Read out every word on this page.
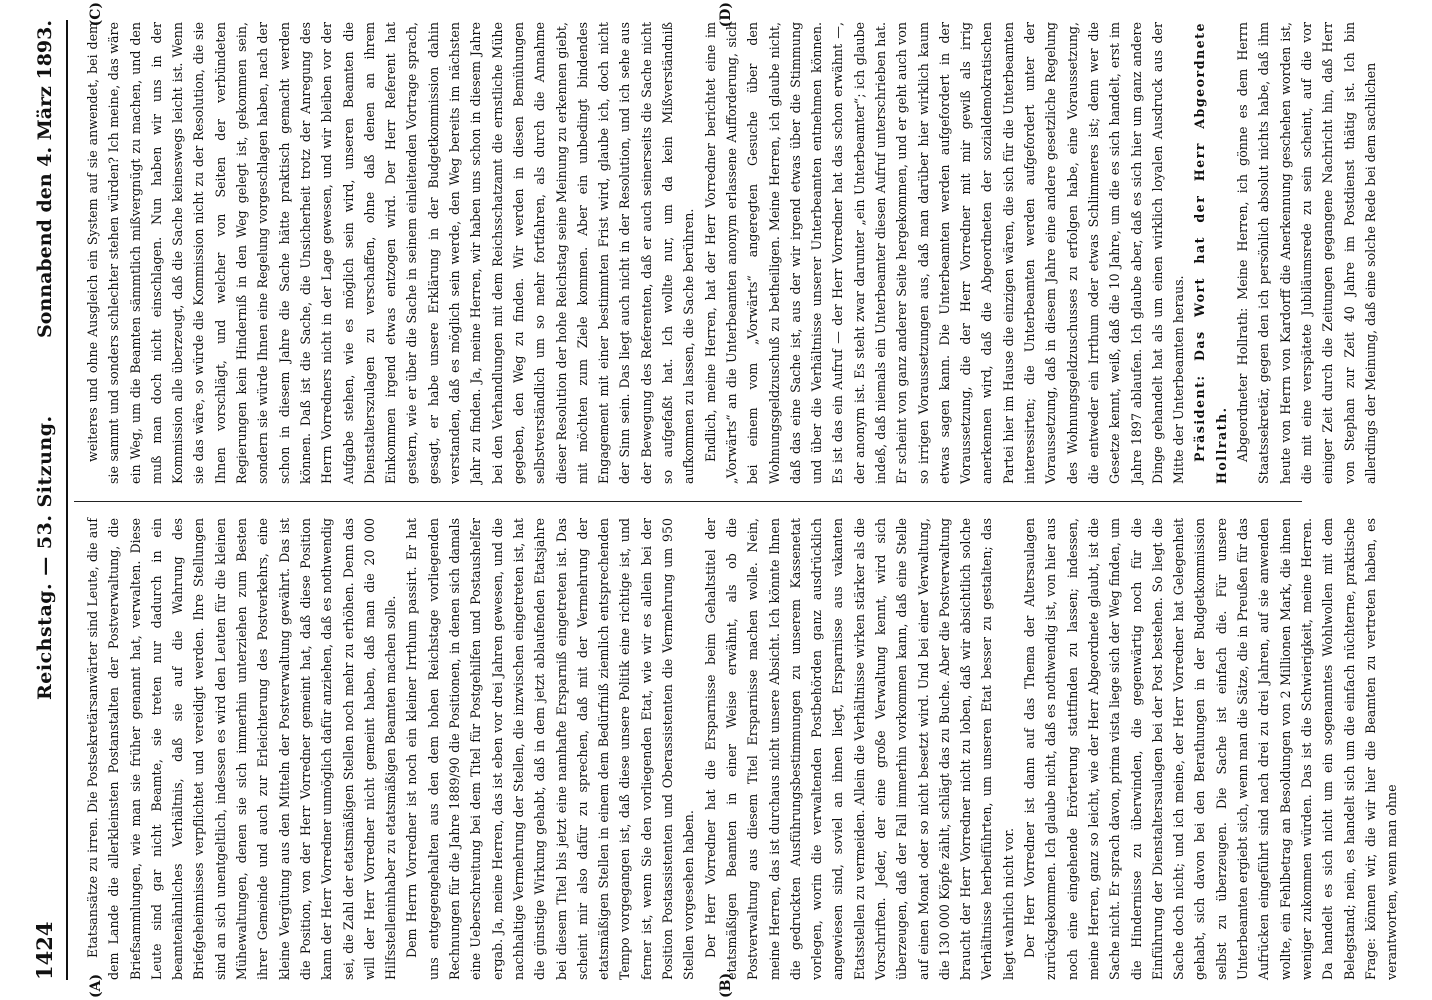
1424
Reichstag. — 53. Sitzung.
Sonnabend den 4. März 1893.
(A)	(B)
(C)	(D)

Etatsansätze zu irren. Die Postsekretärsanwärter sind Leute, die auf dem Lande die allerkleinsten Postanstalten der Postverwaltung, die Briefsammlungen, wie man sie früher genannt hat, verwalten. Diese Leute sind gar nicht Beamte, sie treten nur dadurch in ein beamtenähnliches Verhältnis, daß sie auf die Wahrung des Briefgeheimnisses verpflichtet und vereidigt werden. Ihre Stellungen sind an sich unentgeltlich, indessen es wird den Leuten für die kleinen Mühewaltungen, denen sie sich immerhin unterziehen zum Besten ihrer Gemeinde und auch zur Erleichterung des Postverkehrs, eine kleine Vergütung aus den Mitteln der Postverwaltung gewährt. Das ist die Position, von der Herr Vorredner gemeint hat, daß diese Position kann der Herr Vorredner unmöglich dafür anziehen, daß es nothwendig sei, die Zahl der etatsmäßigen Stellen noch mehr zu erhöhen. Denn das will der Herr Vorredner nicht gemeint haben, daß man die 20 000 Hilfsstelleninhaber zu etatsmäßigen Beamten machen solle. Dem Herrn Vorredner ist noch ein kleiner Irrthum passirt. Er hat uns entgegengehalten aus den dem hohen Reichstage vorliegenden Rechnungen für die Jahre 1889/90 die Positionen, in denen sich damals eine Ueberschreitung bei dem Titel für Postgehilfen und Postaushelfer ergab. Ja, meine Herren, das ist eben vor drei Jahren gewesen, und die nachhaltige Vermehrung der Stellen, die inzwischen eingetreten ist, hat die günstige Wirkung gehabt, daß in dem jetzt ablaufenden Etatsjahre bei diesem Titel bis jetzt eine namhafte Ersparniß eingetreten ist. Das scheint mir also dafür zu sprechen, daß mit der Vermehrung der etatsmäßigen Stellen in einem dem Bedürfniß ziemlich entsprechenden Tempo vorgegangen ist, daß diese unsere Politik eine richtige ist, und ferner ist, wenn Sie den vorliegenden Etat, wie wir es allein bei der Position Postassistenten und Oberassistenten die Vermehrung um 950 Stellen vorgesehen haben. Der Herr Vorredner hat die Ersparnisse beim Gehaltstitel der etatsmäßigen Beamten in einer Weise erwähnt, als ob die Postverwaltung aus diesem Titel Ersparnisse machen wolle. Nein, meine Herren, das ist durchaus nicht unsere Absicht. Ich könnte Ihnen die gedruckten Ausführungsbestimmungen zu unserem Kassenetat vorlegen, worin die verwaltenden Postbehörden ganz ausdrücklich angewiesen sind, soviel an ihnen liegt, Ersparnisse aus vakanten Etatsstellen zu vermeiden. Allein die Verhältnisse wirken stärker als die Vorschriften. Jeder, der eine große Verwaltung kennt, wird sich überzeugen, daß der Fall immerhin vorkommen kann, daß eine Stelle auf einen Monat oder so nicht besetzt wird. Und bei einer Verwaltung, die 130 000 Köpfe zählt, schlägt das zu Buche. Aber die Postverwaltung braucht der Herr Vorredner nicht zu loben, daß wir absichtlich solche Verhältnisse herbeiführten, um unseren Etat besser zu gestalten; das liegt wahrlich nicht vor. Der Herr Vorredner ist dann auf das Thema der Altersaulagen zurückgekommen. Ich glaube nicht, daß es nothwendig ist, von hier aus noch eine eingehende Erörterung stattfinden zu lassen; indessen, meine Herren, ganz so leicht, wie der Herr Abgeordnete glaubt, ist die Sache nicht. Er sprach davon, prima vista liege sich der Weg finden, um die Hindernisse zu überwinden, die gegenwärtig noch für die Einführung der Dienstaltersaulagen bei der Post bestehen. So liegt die Sache doch nicht; und ich meine, der Herr Vorredner hat Gelegenheit gehabt, sich davon bei den Berathungen in der Budgetkommission selbst zu überzeugen. Die Sache ist einfach die. Für unsere Unterbeamten ergiebt sich, wenn man die Sätze, die in Preußen für das Aufrücken eingeführt sind nach drei zu drei Jahren, auf sie anwenden wollte, ein Fehlbetrag an Besoldungen von 2 Millionen Mark, die ihnen weniger zukommen würden. Das ist die Schwierigkeit, meine Herren. Da handelt es sich nicht um ein sogenanntes Wohlwollen mit dem Belegstand; nein, es handelt sich um die einfach nüchterne, praktische Frage: können wir, die wir hier die Beamten zu vertreten haben, es verantworten, wenn man ohne

weiteres und ohne Ausgleich ein System auf sie anwendet, bei dem sie sammt und sonders schlechter stehen würden? Ich meine, das wäre ein Weg, um die Beamten sämmtlich mißvergnügt zu machen, und den muß man doch nicht einschlagen. Nun haben wir uns in der Kommission alle überzeugt, daß die Sache keineswegs leicht ist. Wenn sie das wäre, so würde die Kommission nicht zu der Resolution, die sie Ihnen vorschlägt, und welcher von Seiten der verbündeten Regierungen kein Hinderniß in den Weg gelegt ist, gekommen sein, sondern sie würde Ihnen eine Regelung vorgeschlagen haben, nach der schon in diesem Jahre die Sache hätte praktisch gemacht werden können. Daß ist die Sache, die Unsicherheit trotz der Anregung des Herrn Vorredners nicht in der Lage gewesen, und wir bleiben vor der Aufgabe stehen, wie es möglich sein wird, unseren Beamten die Dienstalterszulagen zu verschaffen, ohne daß denen an ihrem Einkommen irgend etwas entzogen wird. Der Herr Referent hat gestern, wie er über die Sache in seinem einleitenden Vortrage sprach, gesagt, er habe unsere Erklärung in der Budgetkommission dahin verstanden, daß es möglich sein werde, den Weg bereits im nächsten Jahr zu finden. Ja, meine Herren, wir haben uns schon in diesem Jahre bei den Verhandlungen mit dem Reichsschatzamt die ernstliche Mühe gegeben, den Weg zu finden. Wir werden in diesen Bemühungen selbstverständlich um so mehr fortfahren, als durch die Annahme dieser Resolution der hohe Reichstag seine Meinung zu erkennen giebt, mit möchten zum Ziele kommen. Aber ein unbedingt bindendes Engagement mit einer bestimmten Frist wird, glaube ich, doch nicht der Sinn sein. Das liegt auch nicht in der Resolution, und ich sehe aus der Bewegung des Referenten, daß er auch seinerseits die Sache nicht so aufgefaßt hat. Ich wollte nur, um da kein Mißverständniß aufkommen zu lassen, die Sache berühren. Endlich, meine Herren, hat der Herr Vorredner berichtet eine im „Vorwärts“ an die Unterbeamten anonym erlassene Aufforderung, sich bei einem vom „Vorwärts“ angeregten Gesuche über den Wohnungsgeldzuschuß zu betheiligen. Meine Herren, ich glaube nicht, daß das eine Sache ist, aus der wir irgend etwas über die Stimmung und über die Verhältnisse unserer Unterbeamten entnehmen können. Es ist das ein Aufruf — der Herr Vorredner hat das schon erwähnt —, der anonym ist. Es steht zwar darunter „ein Unterbeamter“; ich glaube indeß, daß niemals ein Unterbeamter diesen Aufruf unterschrieben hat. Er scheint von ganz anderer Seite hergekommen, und er geht auch von so irrigen Voraussetzungen aus, daß man darüber hier wirklich kaum etwas sagen kann. Die Unterbeamten werden aufgefordert in der Voraussetzung, die der Herr Vorredner mit mir gewiß als irrig anerkennen wird, daß die Abgeordneten der sozialdemokratischen Partei hier im Hause die einzigen wären, die sich für die Unterbeamten interessirten; die Unterbeamten werden aufgefordert unter der Voraussetzung, daß in diesem Jahre eine andere gesetzliche Regelung des Wohnungsgeldzuschusses zu erfolgen habe, eine Voraussetzung, die entweder ein Irrthum oder etwas Schlimmeres ist; denn wer die Gesetze kennt, weiß, daß die 10 Jahre, um die es sich handelt, erst im Jahre 1897 ablaufen. Ich glaube aber, daß es sich hier um ganz andere Dinge gehandelt hat als um einen wirklich loyalen Ausdruck aus der Mitte der Unterbeamten heraus. Präsident: Das Wort hat der Herr Abgeordnete Hollrath. Abgeordneter Hollrath: Meine Herren, ich gönne es dem Herrn Staatssekretär, gegen den ich persönlich absolut nichts habe, daß ihm heute von Herrn von Kardorff die Anerkennung geschehen worden ist, die mit eine verspätete Jubiläumsrede zu sein scheint, auf die vor einiger Zeit durch die Zeitungen gegangene Nachricht hin, daß Herr von Stephan zur Zeit 40 Jahre im Postdienst thätig ist. Ich bin allerdings der Meinung, daß eine solche Rede bei dem sachlichen
